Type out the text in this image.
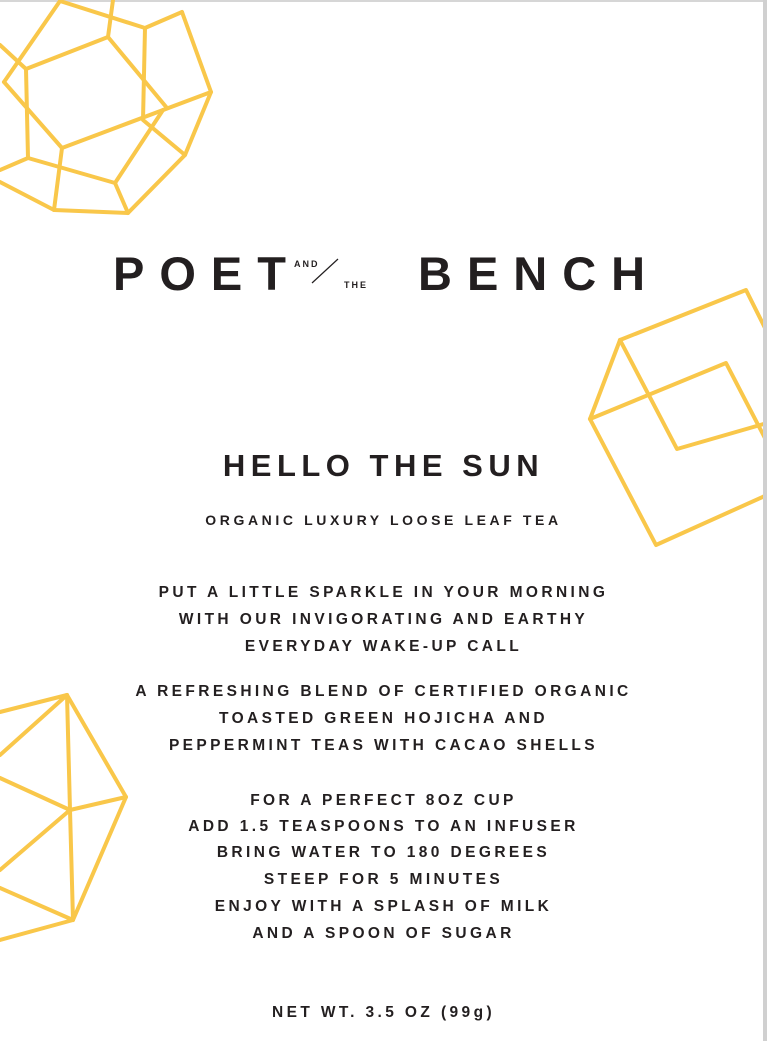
POET
AND
THE BENCH
HELLO THE SUN
ORGANIC LUXURY LOOSE LEAF TEA
PUT A LITTLE SPARKLE IN YOUR MORNING
WITH OUR INVIGORATING AND EARTHY
EVERYDAY WAKE-UP CALL
A REFRESHING BLEND OF CERTIFIED ORGANIC
TOASTED GREEN HOJICHA AND
PEPPERMINT TEAS WITH CACAO SHELLS
FOR A PERFECT 8OZ CUP
ADD 1.5 TEASPOONS TO AN INFUSER
BRING WATER TO 180 DEGREES
STEEP FOR 5 MINUTES
ENJOY WITH A SPLASH OF MILK
AND A SPOON OF SUGAR
NET WT. 3.5 OZ (99g)
